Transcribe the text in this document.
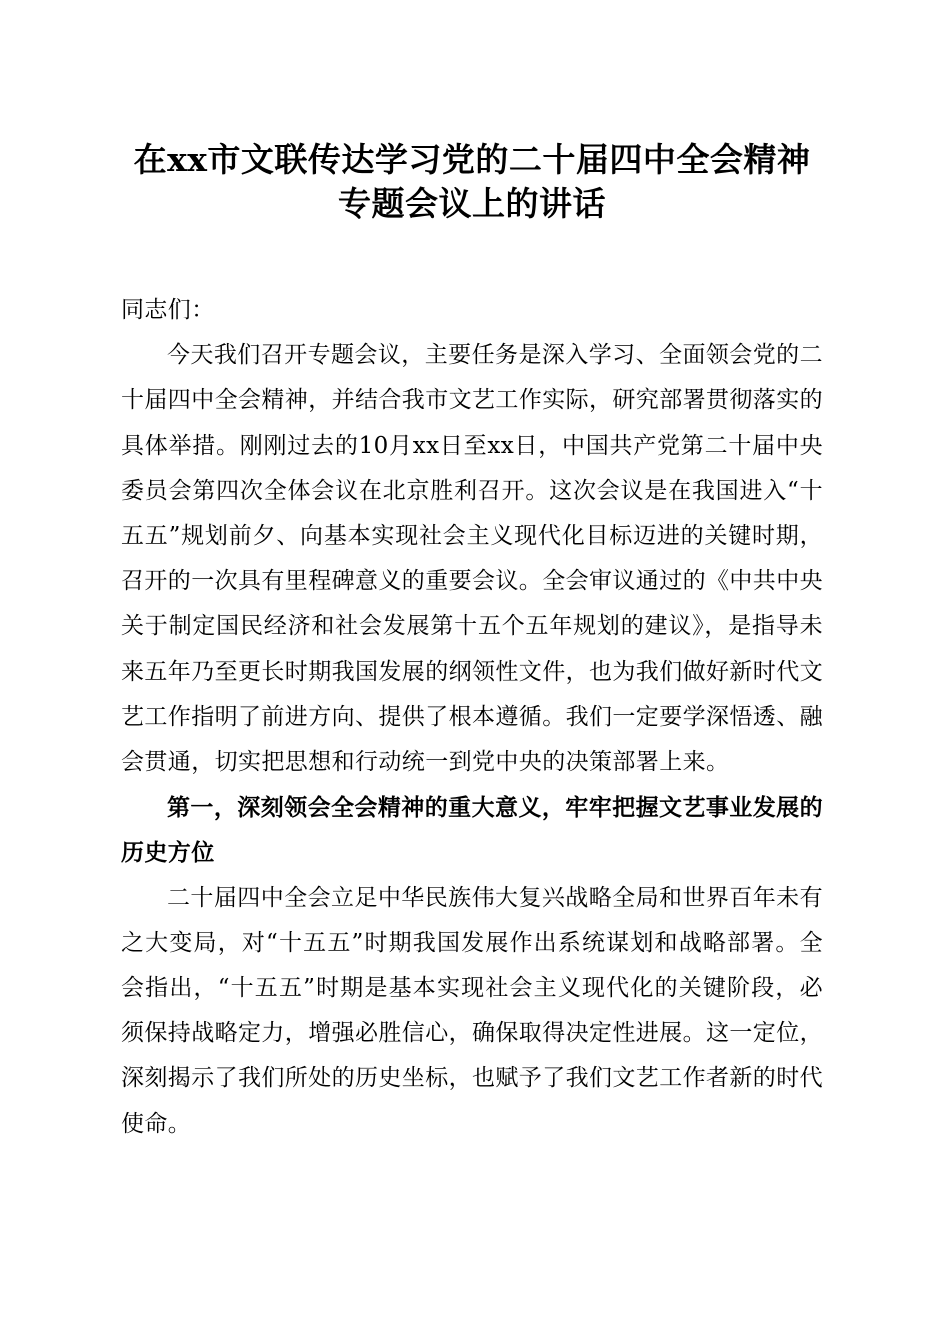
在xx市文联传达学习党的二十届四中全会精神专题会议上的讲话

同志们：

今天我们召开专题会议，主要任务是深入学习、全面领会党的二十届四中全会精神，并结合我市文艺工作实际，研究部署贯彻落实的具体举措。刚刚过去的10月xx日至xx日，中国共产党第二十届中央委员会第四次全体会议在北京胜利召开。这次会议是在我国进入“十五五”规划前夕、向基本实现社会主义现代化目标迈进的关键时期，召开的一次具有里程碑意义的重要会议。全会审议通过的《中共中央关于制定国民经济和社会发展第十五个五年规划的建议》，是指导未来五年乃至更长时期我国发展的纲领性文件，也为我们做好新时代文艺工作指明了前进方向、提供了根本遵循。我们一定要学深悟透、融会贯通，切实把思想和行动统一到党中央的决策部署上来。

第一，深刻领会全会精神的重大意义，牢牢把握文艺事业发展的历史方位

二十届四中全会立足中华民族伟大复兴战略全局和世界百年未有之大变局，对“十五五”时期我国发展作出系统谋划和战略部署。全会指出，“十五五”时期是基本实现社会主义现代化的关键阶段，必须保持战略定力，增强必胜信心，确保取得决定性进展。这一定位，深刻揭示了我们所处的历史坐标，也赋予了我们文艺工作者新的时代使命。
